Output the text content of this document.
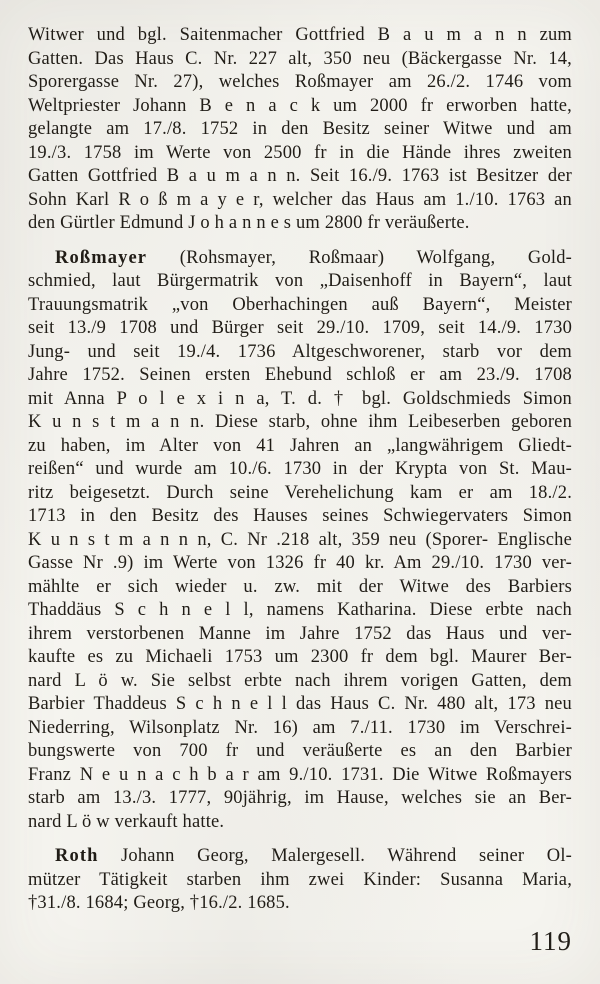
Witwer und bgl. Saitenmacher Gottfried B a u m a n n zum
Gatten. Das Haus C. Nr. 227 alt, 350 neu (Bäckergasse Nr. 14,
Sporergasse Nr. 27), welches Roßmayer am 26./2. 1746 vom
Weltpriester Johann B e n a c k um 2000 fr erworben hatte,
gelangte am 17./8. 1752 in den Besitz seiner Witwe und am
19./3. 1758 im Werte von 2500 fr in die Hände ihres zweiten
Gatten Gottfried B a u m a n n. Seit 16./9. 1763 ist Besitzer der
Sohn Karl R o ß m a y e r, welcher das Haus am 1./10. 1763 an
den Gürtler Edmund J o h a n n e s um 2800 fr veräußerte.
Roßmayer (Rohsmayer, Roßmaar) Wolfgang, Gold-
schmied, laut Bürgermatrik von „Daisenhoff in Bayern“, laut
Trauungsmatrik „von Oberhachingen auß Bayern“, Meister
seit 13./9 1708 und Bürger seit 29./10. 1709, seit 14./9. 1730
Jung- und seit 19./4. 1736 Altgeschworener, starb vor dem
Jahre 1752. Seinen ersten Ehebund schloß er am 23./9. 1708
mit Anna P o l e x i n a, T. d. † bgl. Goldschmieds Simon
K u n s t m a n n. Diese starb, ohne ihm Leibeserben geboren
zu haben, im Alter von 41 Jahren an „langwährigem Gliedt-
reißen“ und wurde am 10./6. 1730 in der Krypta von St. Mau-
ritz beigesetzt. Durch seine Verehelichung kam er am 18./2.
1713 in den Besitz des Hauses seines Schwiegervaters Simon
K u n s t m a n n n, C. Nr .218 alt, 359 neu (Sporer- Englische
Gasse Nr .9) im Werte von 1326 fr 40 kr. Am 29./10. 1730 ver-
mählte er sich wieder u. zw. mit der Witwe des Barbiers
Thaddäus S c h n e l l, namens Katharina. Diese erbte nach
ihrem verstorbenen Manne im Jahre 1752 das Haus und ver-
kaufte es zu Michaeli 1753 um 2300 fr dem bgl. Maurer Ber-
nard L ö w. Sie selbst erbte nach ihrem vorigen Gatten, dem
Barbier Thaddeus S c h n e l l das Haus C. Nr. 480 alt, 173 neu
Niederring, Wilsonplatz Nr. 16) am 7./11. 1730 im Verschrei-
bungswerte von 700 fr und veräußerte es an den Barbier
Franz N e u n a c h b a r am 9./10. 1731. Die Witwe Roßmayers
starb am 13./3. 1777, 90jährig, im Hause, welches sie an Ber-
nard L ö w verkauft hatte.
Roth Johann Georg, Malergesell. Während seiner Ol-
mützer Tätigkeit starben ihm zwei Kinder: Susanna Maria,
†31./8. 1684; Georg, †16./2. 1685.
119
